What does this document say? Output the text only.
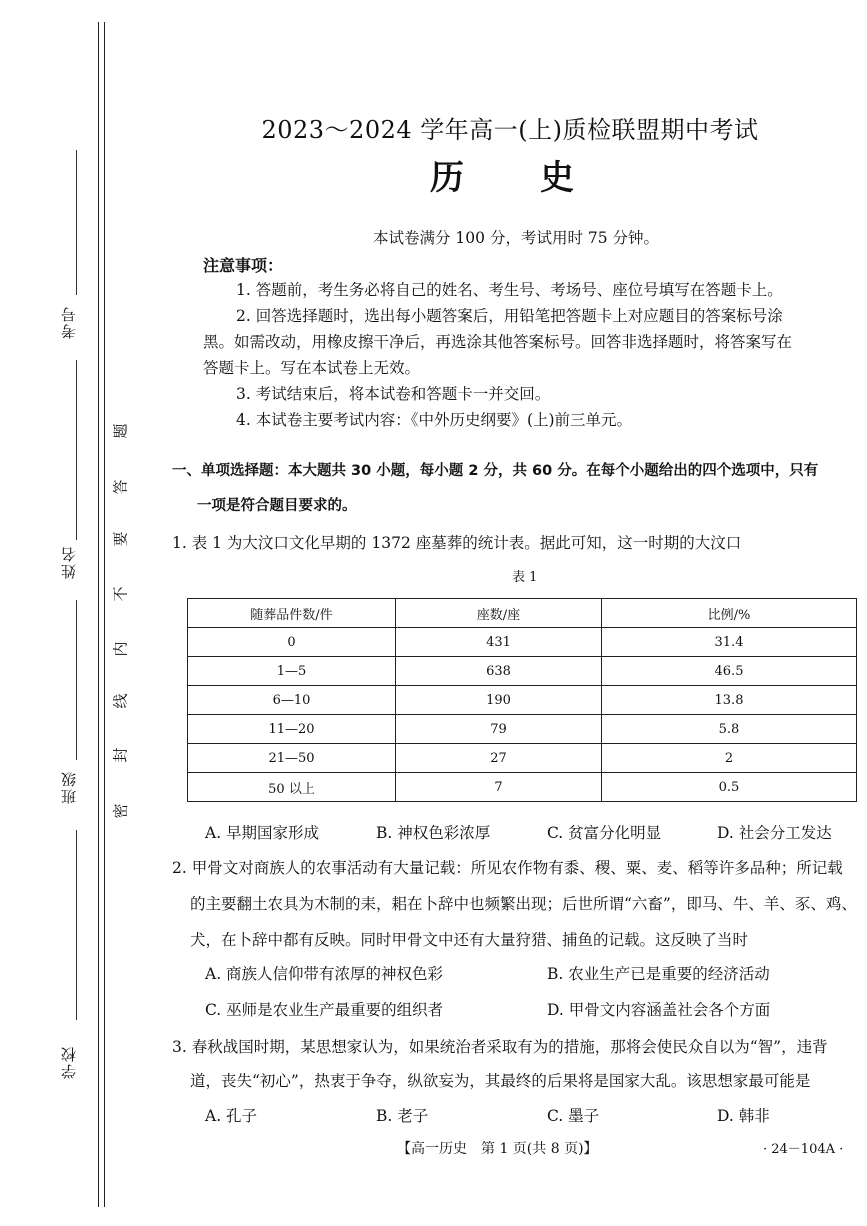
考号
姓名
班级
学校
密
封
线
内
不
要
答
题
2023～2024 学年高一(上)质检联盟期中考试
历 史
本试卷满分 100 分，考试用时 75 分钟。
注意事项：
1. 答题前，考生务必将自己的姓名、考生号、考场号、座位号填写在答题卡上。
2. 回答选择题时，选出每小题答案后，用铅笔把答题卡上对应题目的答案标号涂
黑。如需改动，用橡皮擦干净后，再选涂其他答案标号。回答非选择题时，将答案写在
答题卡上。写在本试卷上无效。
3. 考试结束后，将本试卷和答题卡一并交回。
4. 本试卷主要考试内容：《中外历史纲要》(上)前三单元。
一、单项选择题：本大题共 30 小题，每小题 2 分，共 60 分。在每个小题给出的四个选项中，只有
一项是符合题目要求的。
1. 表 1 为大汶口文化早期的 1372 座墓葬的统计表。据此可知，这一时期的大汶口
表 1
随葬品件数/件	座数/座	比例/%
0	431	31.4
1—5	638	46.5
6—10	190	13.8
11—20	79	5.8
21—50	27	2
50 以上	7	0.5
A. 早期国家形成	B. 神权色彩浓厚	C. 贫富分化明显	D. 社会分工发达
2. 甲骨文对商族人的农事活动有大量记载：所见农作物有黍、稷、粟、麦、稻等许多品种；所记载
的主要翻土农具为木制的耒，耜在卜辞中也频繁出现；后世所谓“六畜”，即马、牛、羊、豕、鸡、
犬，在卜辞中都有反映。同时甲骨文中还有大量狩猎、捕鱼的记载。这反映了当时
A. 商族人信仰带有浓厚的神权色彩	B. 农业生产已是重要的经济活动
C. 巫师是农业生产最重要的组织者	D. 甲骨文内容涵盖社会各个方面
3. 春秋战国时期，某思想家认为，如果统治者采取有为的措施，那将会使民众自以为“智”，违背
道，丧失“初心”，热衷于争夺，纵欲妄为，其最终的后果将是国家大乱。该思想家最可能是
A. 孔子	B. 老子	C. 墨子	D. 韩非
【高一历史　第 1 页(共 8 页)】	· 24－104A ·
